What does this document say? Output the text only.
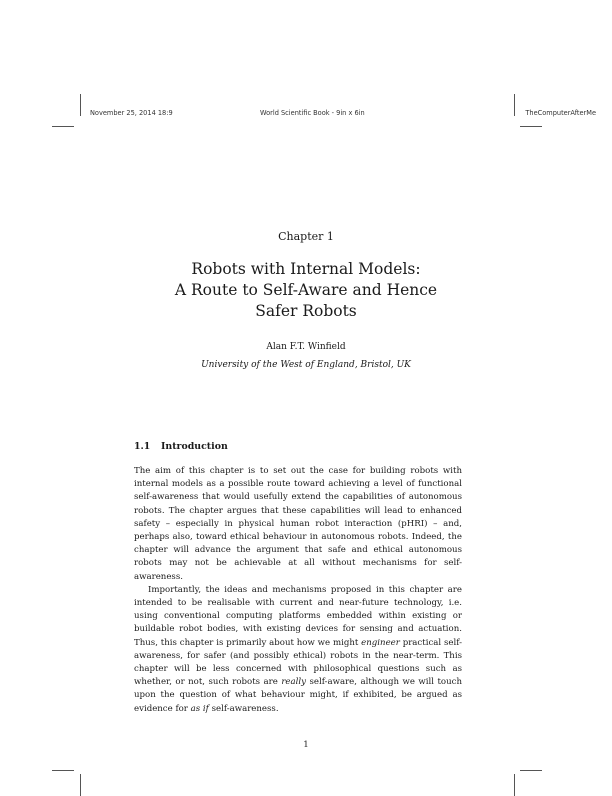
November 25, 2014 18:9	World Scientific Book - 9in x 6in	TheComputerAfterMe
Chapter 1
Robots with Internal Models:
A Route to Self-Aware and Hence
Safer Robots
Alan F.T. Winfield
University of the West of England, Bristol, UK
1.1 Introduction

The aim of this chapter is to set out the case for building robots with internal models as a possible route toward achieving a level of functional self-awareness that would usefully extend the capabilities of autonomous robots. The chapter argues that these capabilities will lead to enhanced safety – especially in physical human robot interaction (pHRI) – and, perhaps also, toward ethical behaviour in autonomous robots. Indeed, the chapter will advance the argument that safe and ethical autonomous robots may not be achievable at all without mechanisms for self-awareness.

Importantly, the ideas and mechanisms proposed in this chapter are intended to be realisable with current and near-future technology, i.e. using conventional computing platforms embedded within existing or buildable robot bodies, with existing devices for sensing and actuation. Thus, this chapter is primarily about how we might engineer practical self-awareness, for safer (and possibly ethical) robots in the near-term. This chapter will be less concerned with philosophical questions such as whether, or not, such robots are really self-aware, although we will touch upon the question of what behaviour might, if exhibited, be argued as evidence for as if self-awareness.

1
